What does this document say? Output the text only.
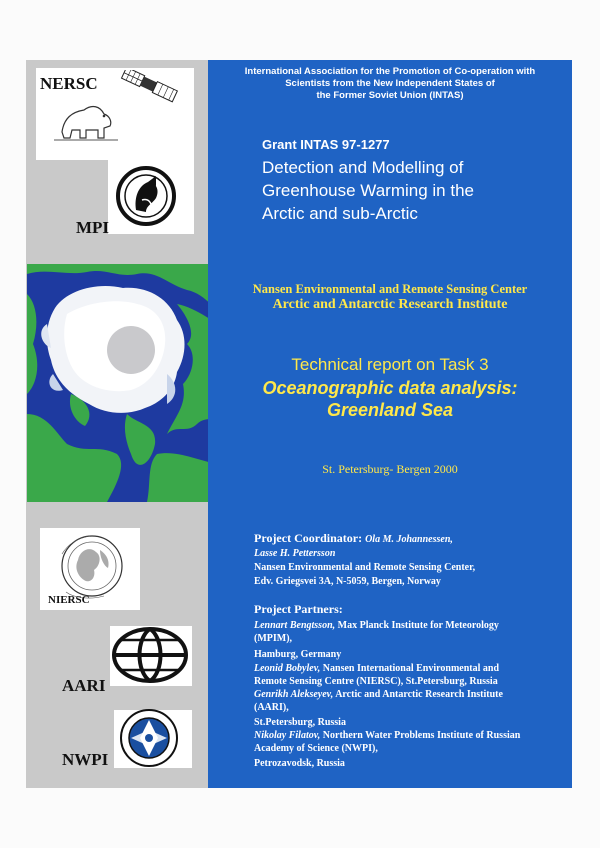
NERSC
MPI
NIERSC
AARI
NWPI
International Association for the Promotion of Co-operation with
Scientists from the New Independent States of
the Former Soviet Union (INTAS)
Grant INTAS 97-1277
Detection and Modelling of
Greenhouse Warming in the
Arctic and sub-Arctic
Nansen Environmental and Remote Sensing Center
Arctic and Antarctic Research Institute
Technical report on Task 3
Oceanographic data analysis:
Greenland Sea
St. Petersburg- Bergen 2000
Project Coordinator: Ola M. Johannessen,
Lasse H. Pettersson
Nansen Environmental and Remote Sensing Center,
Edv. Griegsvei 3A, N-5059, Bergen, Norway
Project Partners:
Lennart Bengtsson, Max Planck Institute for Meteorology
(MPIM),
Hamburg, Germany
Leonid Bobylev, Nansen International Environmental and
Remote Sensing Centre (NIERSC), St.Petersburg, Russia
Genrikh Alekseyev, Arctic and Antarctic Research Institute
(AARI),
St.Petersburg, Russia
Nikolay Filatov, Northern Water Problems Institute of Russian
Academy of Science (NWPI),
Petrozavodsk, Russia
